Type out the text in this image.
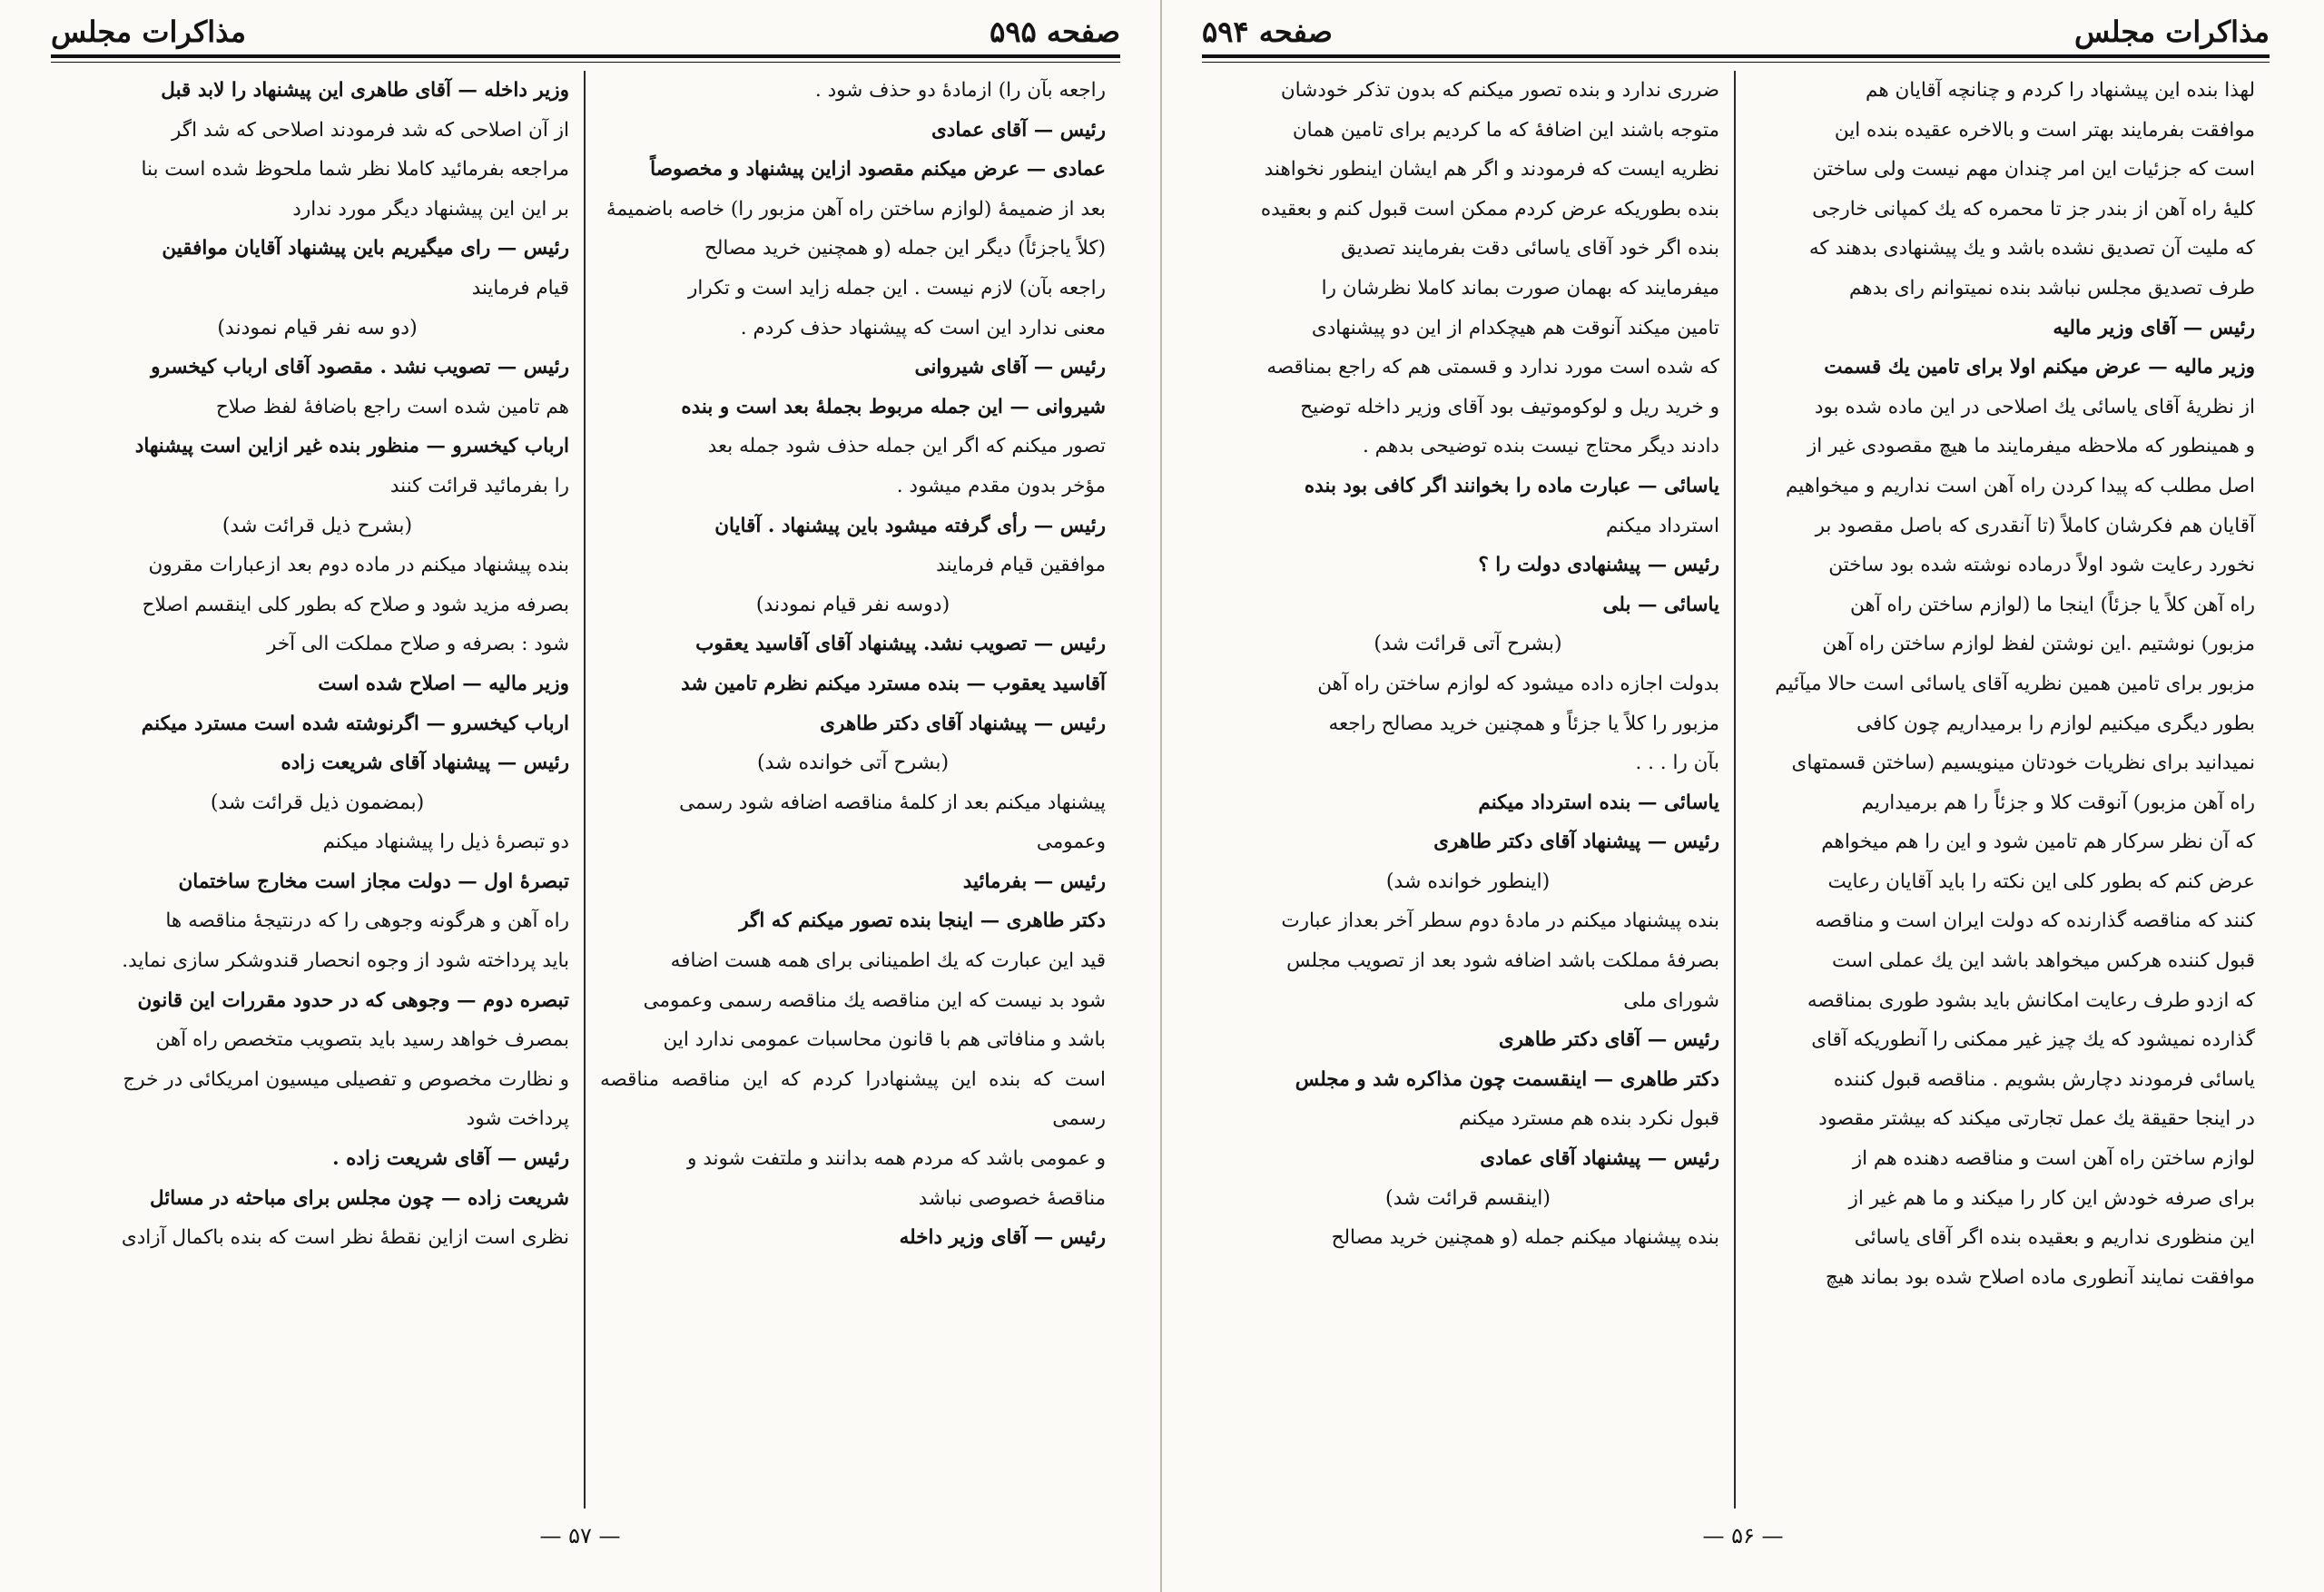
صفحه ۵۹۵
مذاکرات مجلس
راجعه بآن را) ازمادهٔ دو حذف شود .
رئیس — آقای عمادی
عمادی — عرض میکنم مقصود ازاین پیشنهاد و مخصوصاً
بعد از ضمیمهٔ (لوازم ساختن راه آهن مزبور را) خاصه باضمیمهٔ
(کلاً یاجزئاً) دیگر این جمله (و همچنین خرید مصالح
راجعه بآن) لازم نیست . این جمله زاید است و تکرار
معنی ندارد این است که پیشنهاد حذف کردم .
رئیس — آقای شیروانی
شیروانی — این جمله مربوط بجملهٔ بعد است و بنده
تصور میکنم که اگر این جمله حذف شود جمله بعد
مؤخر بدون مقدم میشود .
رئیس — رأی گرفته میشود باین پیشنهاد . آقایان
موافقین قیام فرمایند
(دوسه نفر قیام نمودند)
رئیس — تصویب نشد. پیشنهاد آقای آقاسید یعقوب
آقاسید یعقوب — بنده مسترد میکنم نظرم تامین شد
رئیس — پیشنهاد آقای دکتر طاهری
(بشرح آتی خوانده شد)
پیشنهاد میکنم بعد از کلمهٔ مناقصه اضافه شود رسمی
وعمومی
رئیس — بفرمائید
دکتر طاهری — اینجا بنده تصور میکنم که اگر
قید این عبارت که یك اطمینانی برای همه هست اضافه
شود بد نیست که این مناقصه یك مناقصه رسمی وعمومی
باشد و منافاتی هم با قانون محاسبات عمومی ندارد این
است که بنده این پیشنهادرا کردم که این مناقصه مناقصه رسمی
و عمومی باشد که مردم همه بدانند و ملتفت شوند و
مناقصهٔ خصوصی نباشد
رئیس — آقای وزیر داخله
وزیر داخله — آقای طاهری این پیشنهاد را لابد قبل
از آن اصلاحی که شد فرمودند اصلاحی که شد اگر
مراجعه بفرمائید کاملا نظر شما ملحوظ شده است بنا
بر این این پیشنهاد دیگر مورد ندارد
رئیس — رای میگیریم باین پیشنهاد آقایان موافقین
قیام فرمایند
(دو سه نفر قیام نمودند)
رئیس — تصویب نشد . مقصود آقای ارباب کیخسرو
هم تامین شده است راجع باضافهٔ لفظ صلاح
ارباب کیخسرو — منظور بنده غیر ازاین است پیشنهاد
را بفرمائید قرائت کنند
(بشرح ذیل قرائت شد)
بنده پیشنهاد میکنم در ماده دوم بعد ازعبارات مقرون
بصرفه مزید شود و صلاح که بطور کلی اینقسم اصلاح
شود : بصرفه و صلاح مملکت الی آخر
وزیر مالیه — اصلاح شده است
ارباب کیخسرو — اگرنوشته شده است مسترد میکنم
رئیس — پیشنهاد آقای شریعت زاده
(بمضمون ذیل قرائت شد)
دو تبصرهٔ ذیل را پیشنهاد میکنم
تبصرهٔ اول — دولت مجاز است مخارج ساختمان
راه آهن و هرگونه وجوهی را که درنتیجهٔ مناقصه ها
باید پرداخته شود از وجوه انحصار قندوشکر سازی نماید.
تبصره دوم — وجوهی که در حدود مقررات این قانون
بمصرف خواهد رسید باید بتصویب متخصص راه آهن
و نظارت مخصوص و تفصیلی میسیون امریکائی در خرج
پرداخت شود
رئیس — آقای شریعت زاده .
شریعت زاده — چون مجلس برای مباحثه در مسائل
نظری است ازاین نقطهٔ نظر است که بنده باکمال آزادی
— ۵۷ —
مذاکرات مجلس
صفحه ۵۹۴
لهذا بنده این پیشنهاد را کردم و چنانچه آقایان هم
موافقت بفرمایند بهتر است و بالاخره عقیده بنده این
است که جزئیات این امر چندان مهم نیست ولی ساختن
کلیهٔ راه آهن از بندر جز تا محمره که یك کمپانی خارجی
که ملیت آن تصدیق نشده باشد و یك پیشنهادی بدهند که
طرف تصدیق مجلس نباشد بنده نمیتوانم رای بدهم
رئیس — آقای وزیر مالیه
وزیر مالیه — عرض میکنم اولا برای تامین یك قسمت
از نظریهٔ آقای یاسائی یك اصلاحی در این ماده شده بود
و همینطور که ملاحظه میفرمایند ما هیچ مقصودی غیر از
اصل مطلب که پیدا کردن راه آهن است نداریم و میخواهیم
آقایان هم فکرشان کاملاً (تا آنقدری که باصل مقصود بر
نخورد رعایت شود اولاً درماده نوشته شده بود ساختن
راه آهن کلاً یا جزئاً) اینجا ما (لوازم ساختن راه آهن
مزبور) نوشتیم .این نوشتن لفظ لوازم ساختن راه آهن
مزبور برای تامین همین نظریه آقای یاسائی است حالا میآئیم
بطور دیگری میکنیم لوازم را برمیداریم چون کافی
نمیدانید برای نظریات خودتان مینویسیم (ساختن قسمتهای
راه آهن مزبور) آنوقت کلا و جزئاً را هم برمیداریم
که آن نظر سرکار هم تامین شود و این را هم میخواهم
عرض کنم که بطور کلی این نکته را باید آقایان رعایت
کنند که مناقصه گذارنده که دولت ایران است و مناقصه
قبول کننده هرکس میخواهد باشد این یك عملی است
که ازدو طرف رعایت امکانش باید بشود طوری بمناقصه
گذارده نمیشود که یك چیز غیر ممکنی را آنطوریکه آقای
یاسائی فرمودند دچارش بشویم . مناقصه قبول کننده
در اینجا حقیقة یك عمل تجارتی میکند که بیشتر مقصود
لوازم ساختن راه آهن است و مناقصه دهنده هم از
برای صرفه خودش این کار را میکند و ما هم غیر از
این منظوری نداریم و بعقیده بنده اگر آقای یاسائی
موافقت نمایند آنطوری ماده اصلاح شده بود بماند هیچ
ضرری ندارد و بنده تصور میکنم که بدون تذکر خودشان
متوجه باشند این اضافهٔ که ما کردیم برای تامین همان
نظریه ایست که فرمودند و اگر هم ایشان اینطور نخواهند
بنده بطوریکه عرض کردم ممکن است قبول کنم و بعقیده
بنده اگر خود آقای یاسائی دقت بفرمایند تصدیق
میفرمایند که بهمان صورت بماند کاملا نظرشان را
تامین میکند آنوقت هم هیچکدام از این دو پیشنهادی
که شده است مورد ندارد و قسمتی هم که راجع بمناقصه
و خرید ریل و لوکوموتیف بود آقای وزیر داخله توضیح
دادند دیگر محتاج نیست بنده توضیحی بدهم .
یاسائی — عبارت ماده را بخوانند اگر کافی بود بنده
استرداد میکنم
رئیس — پیشنهادی دولت را ؟
یاسائی — بلی
(بشرح آتی قرائت شد)
بدولت اجازه داده میشود که لوازم ساختن راه آهن
مزبور را کلاً یا جزئاً و همچنین خرید مصالح راجعه
بآن را . . .
یاسائی — بنده استرداد میکنم
رئیس — پیشنهاد آقای دکتر طاهری
(اینطور خوانده شد)
بنده پیشنهاد میکنم در مادهٔ دوم سطر آخر بعداز عبارت
بصرفهٔ مملکت باشد اضافه شود بعد از تصویب مجلس
شورای ملی
رئیس — آقای دکتر طاهری
دکتر طاهری — اینقسمت چون مذاکره شد و مجلس
قبول نکرد بنده هم مسترد میکنم
رئیس — پیشنهاد آقای عمادی
(اینقسم قرائت شد)
بنده پیشنهاد میکنم جمله (و همچنین خرید مصالح
— ۵۶ —
